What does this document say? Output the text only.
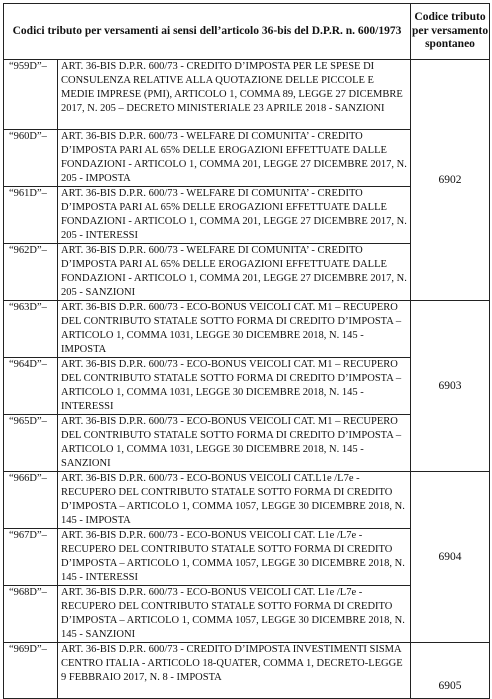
Codici tributo per versamenti ai sensi dell’articolo 36-bis del D.P.R. n. 600/1973		Codice tributo per versamento spontaneo
“959D”–	ART. 36-BIS D.P.R. 600/73 - CREDITO D’IMPOSTA PER LE SPESE DI CONSULENZA RELATIVE ALLA QUOTAZIONE DELLE PICCOLE E MEDIE IMPRESE (PMI), ARTICOLO 1, COMMA 89, LEGGE 27 DICEMBRE 2017, N. 205 – DECRETO MINISTERIALE 23 APRILE 2018 - SANZIONI	6902
“960D”–	ART. 36-BIS D.P.R. 600/73 - WELFARE DI COMUNITA’ - CREDITO D’IMPOSTA PARI AL 65% DELLE EROGAZIONI EFFETTUATE DALLE FONDAZIONI - ARTICOLO 1, COMMA 201, LEGGE 27 DICEMBRE 2017, N. 205 - IMPOSTA	
“961D”–	ART. 36-BIS D.P.R. 600/73 - WELFARE DI COMUNITA’ - CREDITO D’IMPOSTA PARI AL 65% DELLE EROGAZIONI EFFETTUATE DALLE FONDAZIONI - ARTICOLO 1, COMMA 201, LEGGE 27 DICEMBRE 2017, N. 205 - INTERESSI	
“962D”–	ART. 36-BIS D.P.R. 600/73 - WELFARE DI COMUNITA’ - CREDITO D’IMPOSTA PARI AL 65% DELLE EROGAZIONI EFFETTUATE DALLE FONDAZIONI - ARTICOLO 1, COMMA 201, LEGGE 27 DICEMBRE 2017, N. 205 - SANZIONI	
“963D”–	ART. 36-BIS D.P.R. 600/73 - ECO-BONUS VEICOLI CAT. M1 – RECUPERO DEL CONTRIBUTO STATALE SOTTO FORMA DI CREDITO D’IMPOSTA – ARTICOLO 1, COMMA 1031, LEGGE 30 DICEMBRE 2018, N. 145 - IMPOSTA	6903
“964D”–	ART. 36-BIS D.P.R. 600/73 - ECO-BONUS VEICOLI CAT. M1 – RECUPERO DEL CONTRIBUTO STATALE SOTTO FORMA DI CREDITO D’IMPOSTA – ARTICOLO 1, COMMA 1031, LEGGE 30 DICEMBRE 2018, N. 145 - INTERESSI	
“965D”–	ART. 36-BIS D.P.R. 600/73 - ECO-BONUS VEICOLI CAT. M1 – RECUPERO DEL CONTRIBUTO STATALE SOTTO FORMA DI CREDITO D’IMPOSTA – ARTICOLO 1, COMMA 1031, LEGGE 30 DICEMBRE 2018, N. 145 - SANZIONI	
“966D”–	ART. 36-BIS D.P.R. 600/73 - ECO-BONUS VEICOLI CAT.L1e /L7e - RECUPERO DEL CONTRIBUTO STATALE SOTTO FORMA DI CREDITO D’IMPOSTA – ARTICOLO 1, COMMA 1057, LEGGE 30 DICEMBRE 2018, N. 145 - IMPOSTA	6904
“967D”–	ART. 36-BIS D.P.R. 600/73 - ECO-BONUS VEICOLI CAT. L1e /L7e - RECUPERO DEL CONTRIBUTO STATALE SOTTO FORMA DI CREDITO D’IMPOSTA – ARTICOLO 1, COMMA 1057, LEGGE 30 DICEMBRE 2018, N. 145 - INTERESSI	
“968D”–	ART. 36-BIS D.P.R. 600/73 - ECO-BONUS VEICOLI CAT. L1e /L7e - RECUPERO DEL CONTRIBUTO STATALE SOTTO FORMA DI CREDITO D’IMPOSTA – ARTICOLO 1, COMMA 1057, LEGGE 30 DICEMBRE 2018, N. 145 - SANZIONI	
“969D”–	ART. 36-BIS D.P.R. 600/73 - CREDITO D’IMPOSTA INVESTIMENTI SISMA CENTRO ITALIA - ARTICOLO 18-QUATER, COMMA 1, DECRETO-LEGGE 9 FEBBRAIO 2017, N. 8 - IMPOSTA	6905
